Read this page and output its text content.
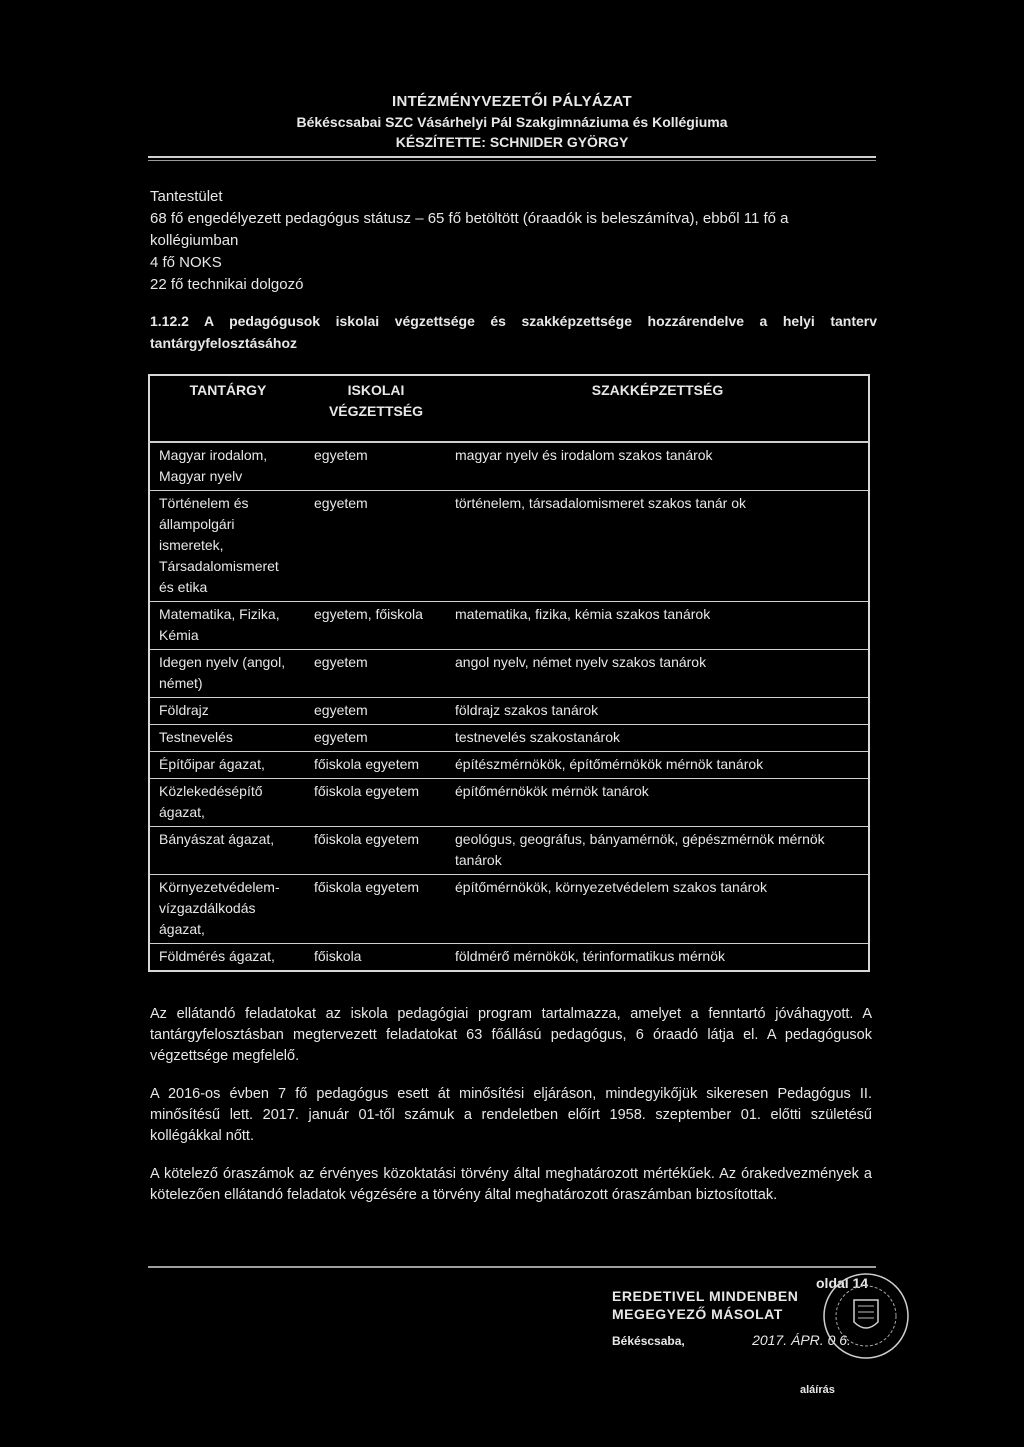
INTÉZMÉNYVEZETŐI PÁLYÁZAT
Békéscsabai SZC Vásárhelyi Pál Szakgimnáziuma és Kollégiuma
KÉSZÍTETTE: SCHNIDER GYÖRGY

Tantestület

68 fő engedélyezett pedagógus státusz – 65 fő betöltött (óraadók is beleszámítva), ebből 11 fő a kollégiumban

4 fő NOKS

22 fő technikai dolgozó

1.12.2 A pedagógusok iskolai végzettsége és szakképzettsége hozzárendelve a helyi tanterv tantárgyfelosztásához
TANTÁRGY	ISKOLAI VÉGZETTSÉG	SZAKKÉPZETTSÉG
Magyar irodalom, Magyar nyelv	egyetem	magyar nyelv és irodalom szakos tanárok
Történelem és állampolgári ismeretek, Társadalomismeret és etika	egyetem	történelem, társadalomismeret szakos tanár ok
Matematika, Fizika, Kémia	egyetem, főiskola	matematika, fizika, kémia szakos tanárok
Idegen nyelv (angol, német)	egyetem	angol nyelv, német nyelv szakos tanárok
Földrajz	egyetem	földrajz szakos tanárok
Testnevelés	egyetem	testnevelés szakostanárok
Építőipar ágazat,	főiskola egyetem	építészmérnökök, építőmérnökök mérnök tanárok
Közlekedésépítő ágazat,	főiskola egyetem	építőmérnökök mérnök tanárok
Bányászat ágazat,	főiskola egyetem	geológus, geográfus, bányamérnök, gépészmérnök mérnök tanárok
Környezetvédelem-vízgazdálkodás ágazat,	főiskola egyetem	építőmérnökök, környezetvédelem szakos tanárok
Földmérés ágazat,	főiskola	földmérő mérnökök, térinformatikus mérnök

Az ellátandó feladatokat az iskola pedagógiai program tartalmazza, amelyet a fenntartó jóváhagyott. A tantárgyfelosztásban megtervezett feladatokat 63 főállású pedagógus, 6 óraadó látja el. A pedagógusok végzettsége megfelelő.

A 2016-os évben 7 fő pedagógus esett át minősítési eljáráson, mindegyikőjük sikeresen Pedagógus II. minősítésű lett. 2017. január 01-től számuk a rendeletben előírt 1958. szeptember 01. előtti születésű kollégákkal nőtt.

A kötelező óraszámok az érvényes közoktatási törvény által meghatározott mértékűek. Az órakedvezmények a kötelezően ellátandó feladatok végzésére a törvény által meghatározott óraszámban biztosítottak.

oldal 14
EREDETIVEL MINDENBEN
MEGEGYEZŐ MÁSOLAT
Békéscsaba,	2017. ÁPR. 0 6.
aláírás
